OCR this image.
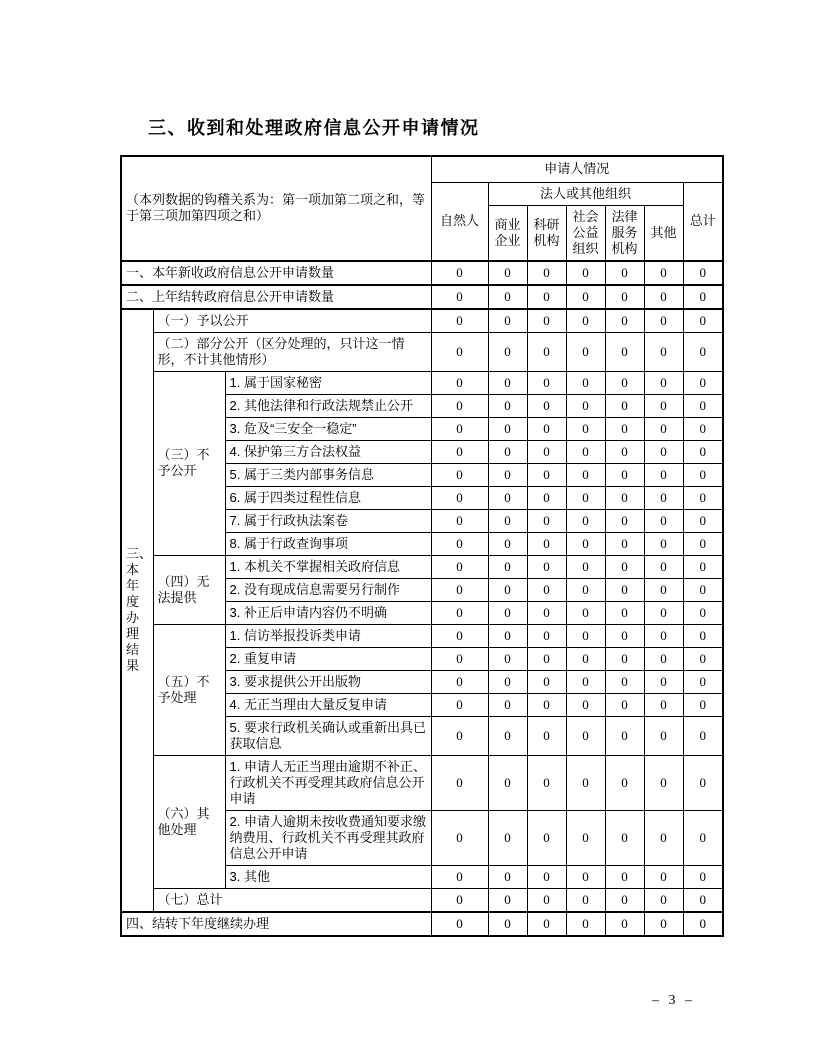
三、收到和处理政府信息公开申请情况
（本列数据的钩稽关系为：第一项加第二项之和，等于第三项加第四项之和）			申请人情况						
			自然人	法人或其他组织					总计
				商业企业	科研机构	社会公益组织	法律服务机构	其他	
一、本年新收政府信息公开申请数量			0	0	0	0	0	0	0
二、上年结转政府信息公开申请数量			0	0	0	0	0	0	0
三、本年度办理结果	（一）予以公开		0	0	0	0	0	0	0
	（二）部分公开（区分处理的，只计这一情形，不计其他情形）		0	0	0	0	0	0	0
	（三）不予公开	1. 属于国家秘密	0	0	0	0	0	0	0
		2. 其他法律和行政法规禁止公开	0	0	0	0	0	0	0
		3. 危及“三安全一稳定”	0	0	0	0	0	0	0
		4. 保护第三方合法权益	0	0	0	0	0	0	0
		5. 属于三类内部事务信息	0	0	0	0	0	0	0
		6. 属于四类过程性信息	0	0	0	0	0	0	0
		7. 属于行政执法案卷	0	0	0	0	0	0	0
		8. 属于行政查询事项	0	0	0	0	0	0	0
	（四）无法提供	1. 本机关不掌握相关政府信息	0	0	0	0	0	0	0
		2. 没有现成信息需要另行制作	0	0	0	0	0	0	0
		3. 补正后申请内容仍不明确	0	0	0	0	0	0	0
	（五）不予处理	1. 信访举报投诉类申请	0	0	0	0	0	0	0
		2. 重复申请	0	0	0	0	0	0	0
		3. 要求提供公开出版物	0	0	0	0	0	0	0
		4. 无正当理由大量反复申请	0	0	0	0	0	0	0
		5. 要求行政机关确认或重新出具已获取信息	0	0	0	0	0	0	0
	（六）其他处理	1. 申请人无正当理由逾期不补正、行政机关不再受理其政府信息公开申请	0	0	0	0	0	0	0
		2. 申请人逾期未按收费通知要求缴纳费用、行政机关不再受理其政府信息公开申请	0	0	0	0	0	0	0
		3. 其他	0	0	0	0	0	0	0
	（七）总计		0	0	0	0	0	0	0
四、结转下年度继续办理			0	0	0	0	0	0	0
– 3 –
